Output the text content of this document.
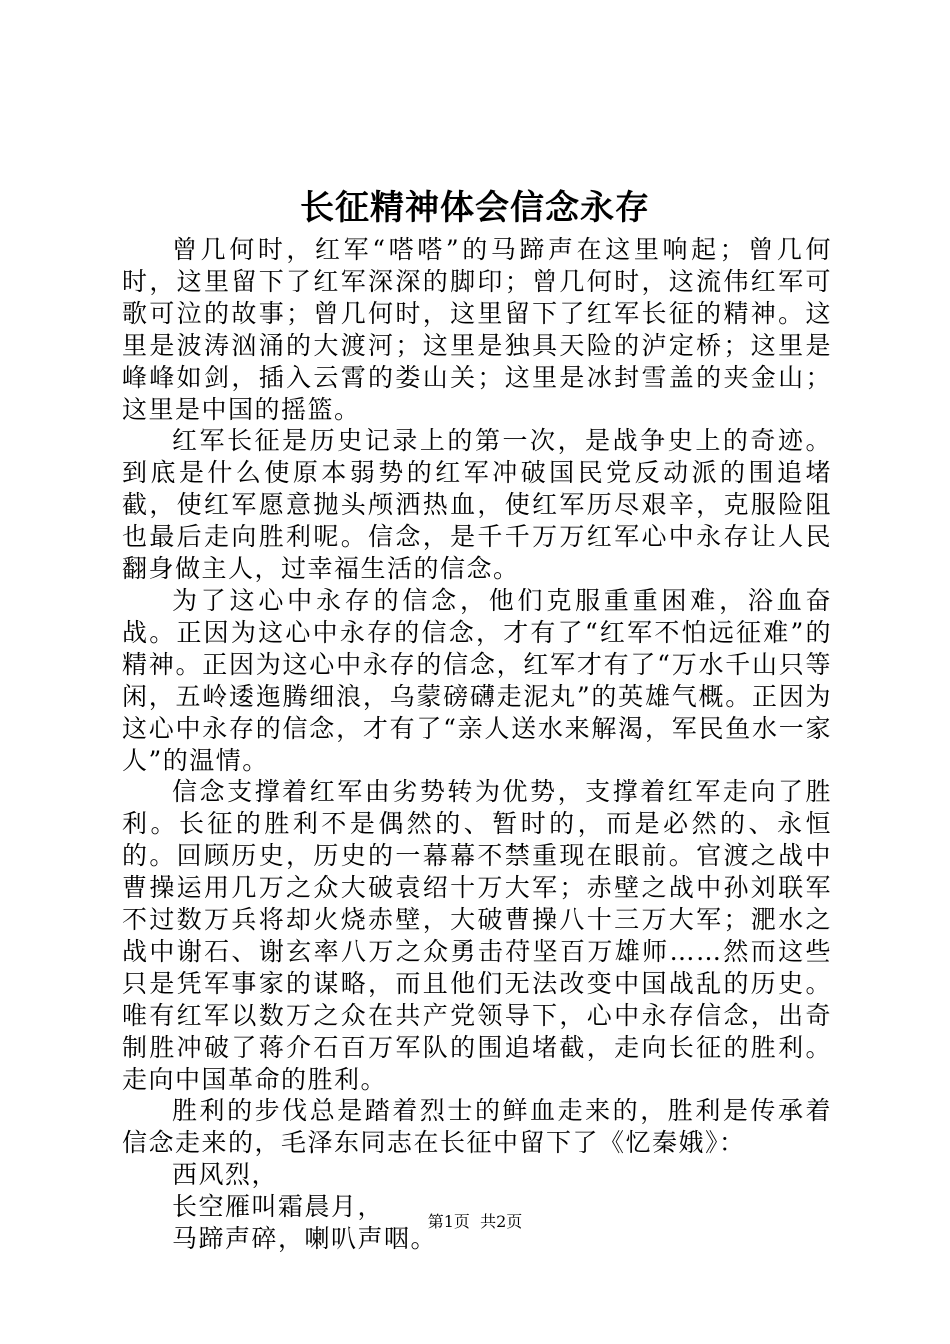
长征精神体会信念永存

曾几何时，红军“嗒嗒”的马蹄声在这里响起；曾几何时，这里留下了红军深深的脚印；曾几何时，这流伟红军可歌可泣的故事；曾几何时，这里留下了红军长征的精神。这里是波涛汹涌的大渡河；这里是独具天险的泸定桥；这里是峰峰如剑，插入云霄的娄山关；这里是冰封雪盖的夹金山；这里是中国的摇篮。

红军长征是历史记录上的第一次，是战争史上的奇迹。到底是什么使原本弱势的红军冲破国民党反动派的围追堵截，使红军愿意抛头颅洒热血，使红军历尽艰辛，克服险阻也最后走向胜利呢。信念，是千千万万红军心中永存让人民翻身做主人，过幸福生活的信念。

为了这心中永存的信念，他们克服重重困难，浴血奋战。正因为这心中永存的信念，才有了“红军不怕远征难”的精神。正因为这心中永存的信念，红军才有了“万水千山只等闲，五岭逶迤腾细浪，乌蒙磅礴走泥丸”的英雄气概。正因为这心中永存的信念，才有了“亲人送水来解渴，军民鱼水一家人”的温情。

信念支撑着红军由劣势转为优势，支撑着红军走向了胜利。长征的胜利不是偶然的、暂时的，而是必然的、永恒的。回顾历史，历史的一幕幕不禁重现在眼前。官渡之战中曹操运用几万之众大破袁绍十万大军；赤壁之战中孙刘联军不过数万兵将却火烧赤壁，大破曹操八十三万大军；淝水之战中谢石、谢玄率八万之众勇击苻坚百万雄师……然而这些只是凭军事家的谋略，而且他们无法改变中国战乱的历史。唯有红军以数万之众在共产党领导下，心中永存信念，出奇制胜冲破了蒋介石百万军队的围追堵截，走向长征的胜利。走向中国革命的胜利。

胜利的步伐总是踏着烈士的鲜血走来的，胜利是传承着信念走来的，毛泽东同志在长征中留下了《忆秦娥》：

西风烈，

长空雁叫霜晨月，

马蹄声碎，喇叭声咽。

第1页 共2页
